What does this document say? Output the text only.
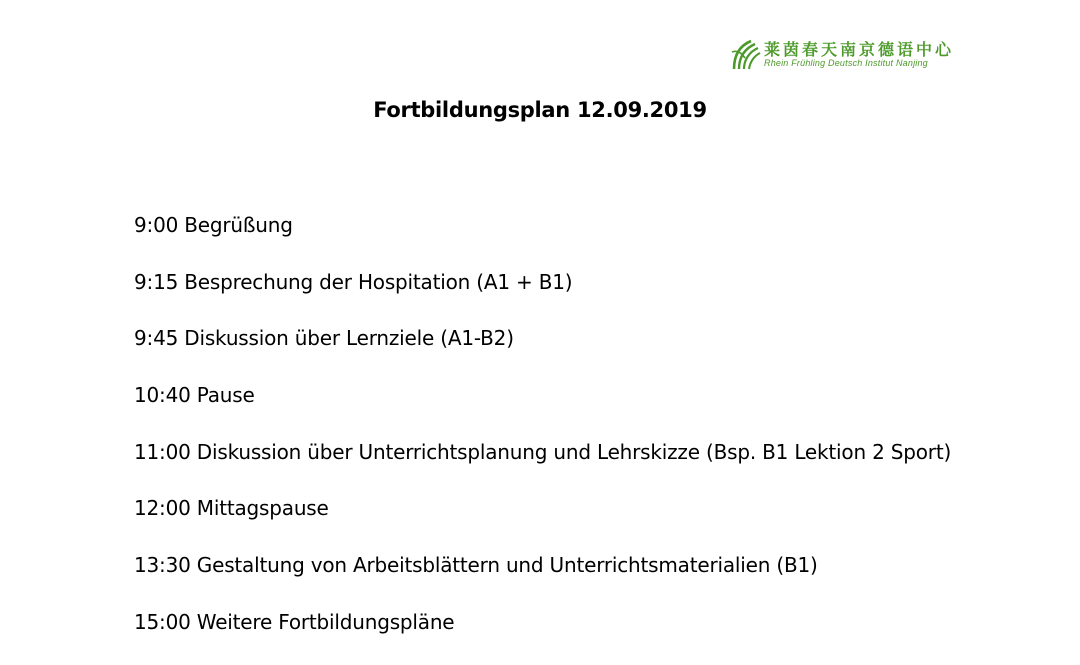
莱茵春天南京德语中心
Rhein Frühling Deutsch Institut Nanjing
Fortbildungsplan 12.09.2019
9:00 Begrüßung
9:15 Besprechung der Hospitation (A1 + B1)
9:45 Diskussion über Lernziele (A1-B2)
10:40 Pause
11:00 Diskussion über Unterrichtsplanung und Lehrskizze (Bsp. B1 Lektion 2 Sport)
12:00 Mittagspause
13:30 Gestaltung von Arbeitsblättern und Unterrichtsmaterialien (B1)
15:00 Weitere Fortbildungspläne
